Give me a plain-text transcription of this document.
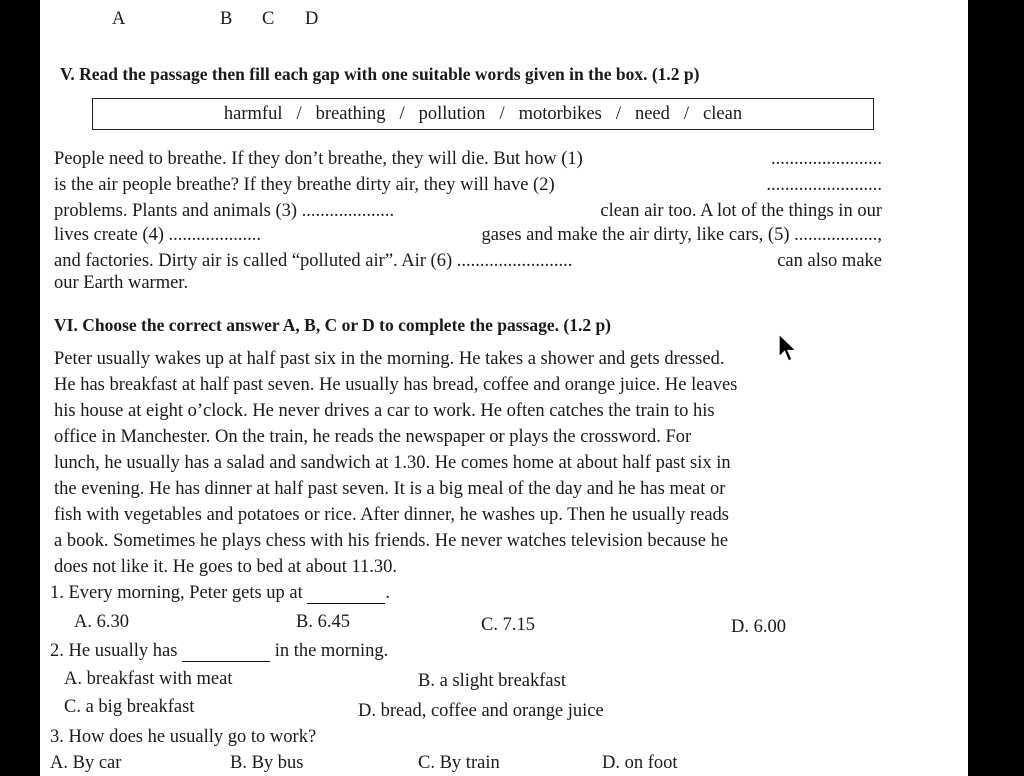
A	B C D
V. Read the passage then fill each gap with one suitable words given in the box. (1.2 p)
harmful / breathing / pollution / motorbikes / need / clean
People need to breathe. If they don’t breathe, they will die. But how (1)	........................
is the air people breathe? If they breathe dirty air, they will have (2)	.........................
problems. Plants and animals (3) ....................	clean air too. A lot of the things in our
lives create (4) ....................	gases and make the air dirty, like cars, (5) ..................,
and factories. Dirty air is called “polluted air”. Air (6) .........................	can also make
our Earth warmer.
VI. Choose the correct answer A, B, C or D to complete the passage. (1.2 p)
Peter usually wakes up at half past six in the morning. He takes a shower and gets dressed.
He has breakfast at half past seven. He usually has bread, coffee and orange juice. He leaves
his house at eight o’clock. He never drives a car to work. He often catches the train to his
office in Manchester. On the train, he reads the newspaper or plays the crossword. For
lunch, he usually has a salad and sandwich at 1.30. He comes home at about half past six in
the evening. He has dinner at half past seven. It is a big meal of the day and he has meat or
fish with vegetables and potatoes or rice. After dinner, he washes up. Then he usually reads
a book. Sometimes he plays chess with his friends. He never watches television because he
does not like it. He goes to bed at about 11.30.
1. Every morning, Peter gets up at	.
A. 6.30	B. 6.45	C. 7.15	D. 6.00
2. He usually has	in the morning.
A. breakfast with meat	B. a slight breakfast
C. a big breakfast	D. bread, coffee and orange juice
3. How does he usually go to work?
A. By car	B. By bus	C. By train	D. on foot
